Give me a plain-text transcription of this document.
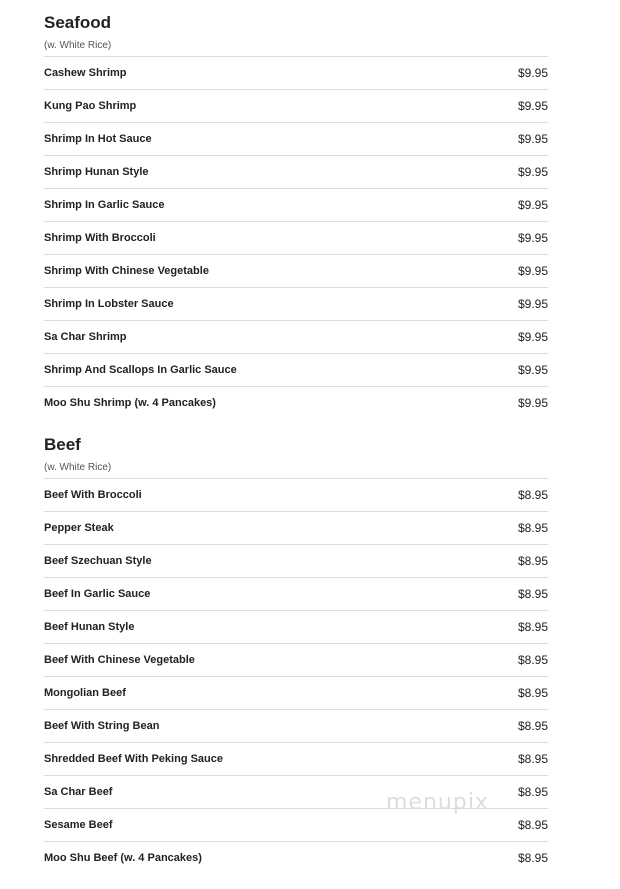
Seafood
(w. White Rice)
Cashew Shrimp	$9.95
Kung Pao Shrimp	$9.95
Shrimp In Hot Sauce	$9.95
Shrimp Hunan Style	$9.95
Shrimp In Garlic Sauce	$9.95
Shrimp With Broccoli	$9.95
Shrimp With Chinese Vegetable	$9.95
Shrimp In Lobster Sauce	$9.95
Sa Char Shrimp	$9.95
Shrimp And Scallops In Garlic Sauce	$9.95
Moo Shu Shrimp (w. 4 Pancakes)	$9.95
Beef
(w. White Rice)
Beef With Broccoli	$8.95
Pepper Steak	$8.95
Beef Szechuan Style	$8.95
Beef In Garlic Sauce	$8.95
Beef Hunan Style	$8.95
Beef With Chinese Vegetable	$8.95
Mongolian Beef	$8.95
Beef With String Bean	$8.95
Shredded Beef With Peking Sauce	$8.95
Sa Char Beef	$8.95
Sesame Beef	$8.95
Moo Shu Beef (w. 4 Pancakes)	$8.95
menupix
